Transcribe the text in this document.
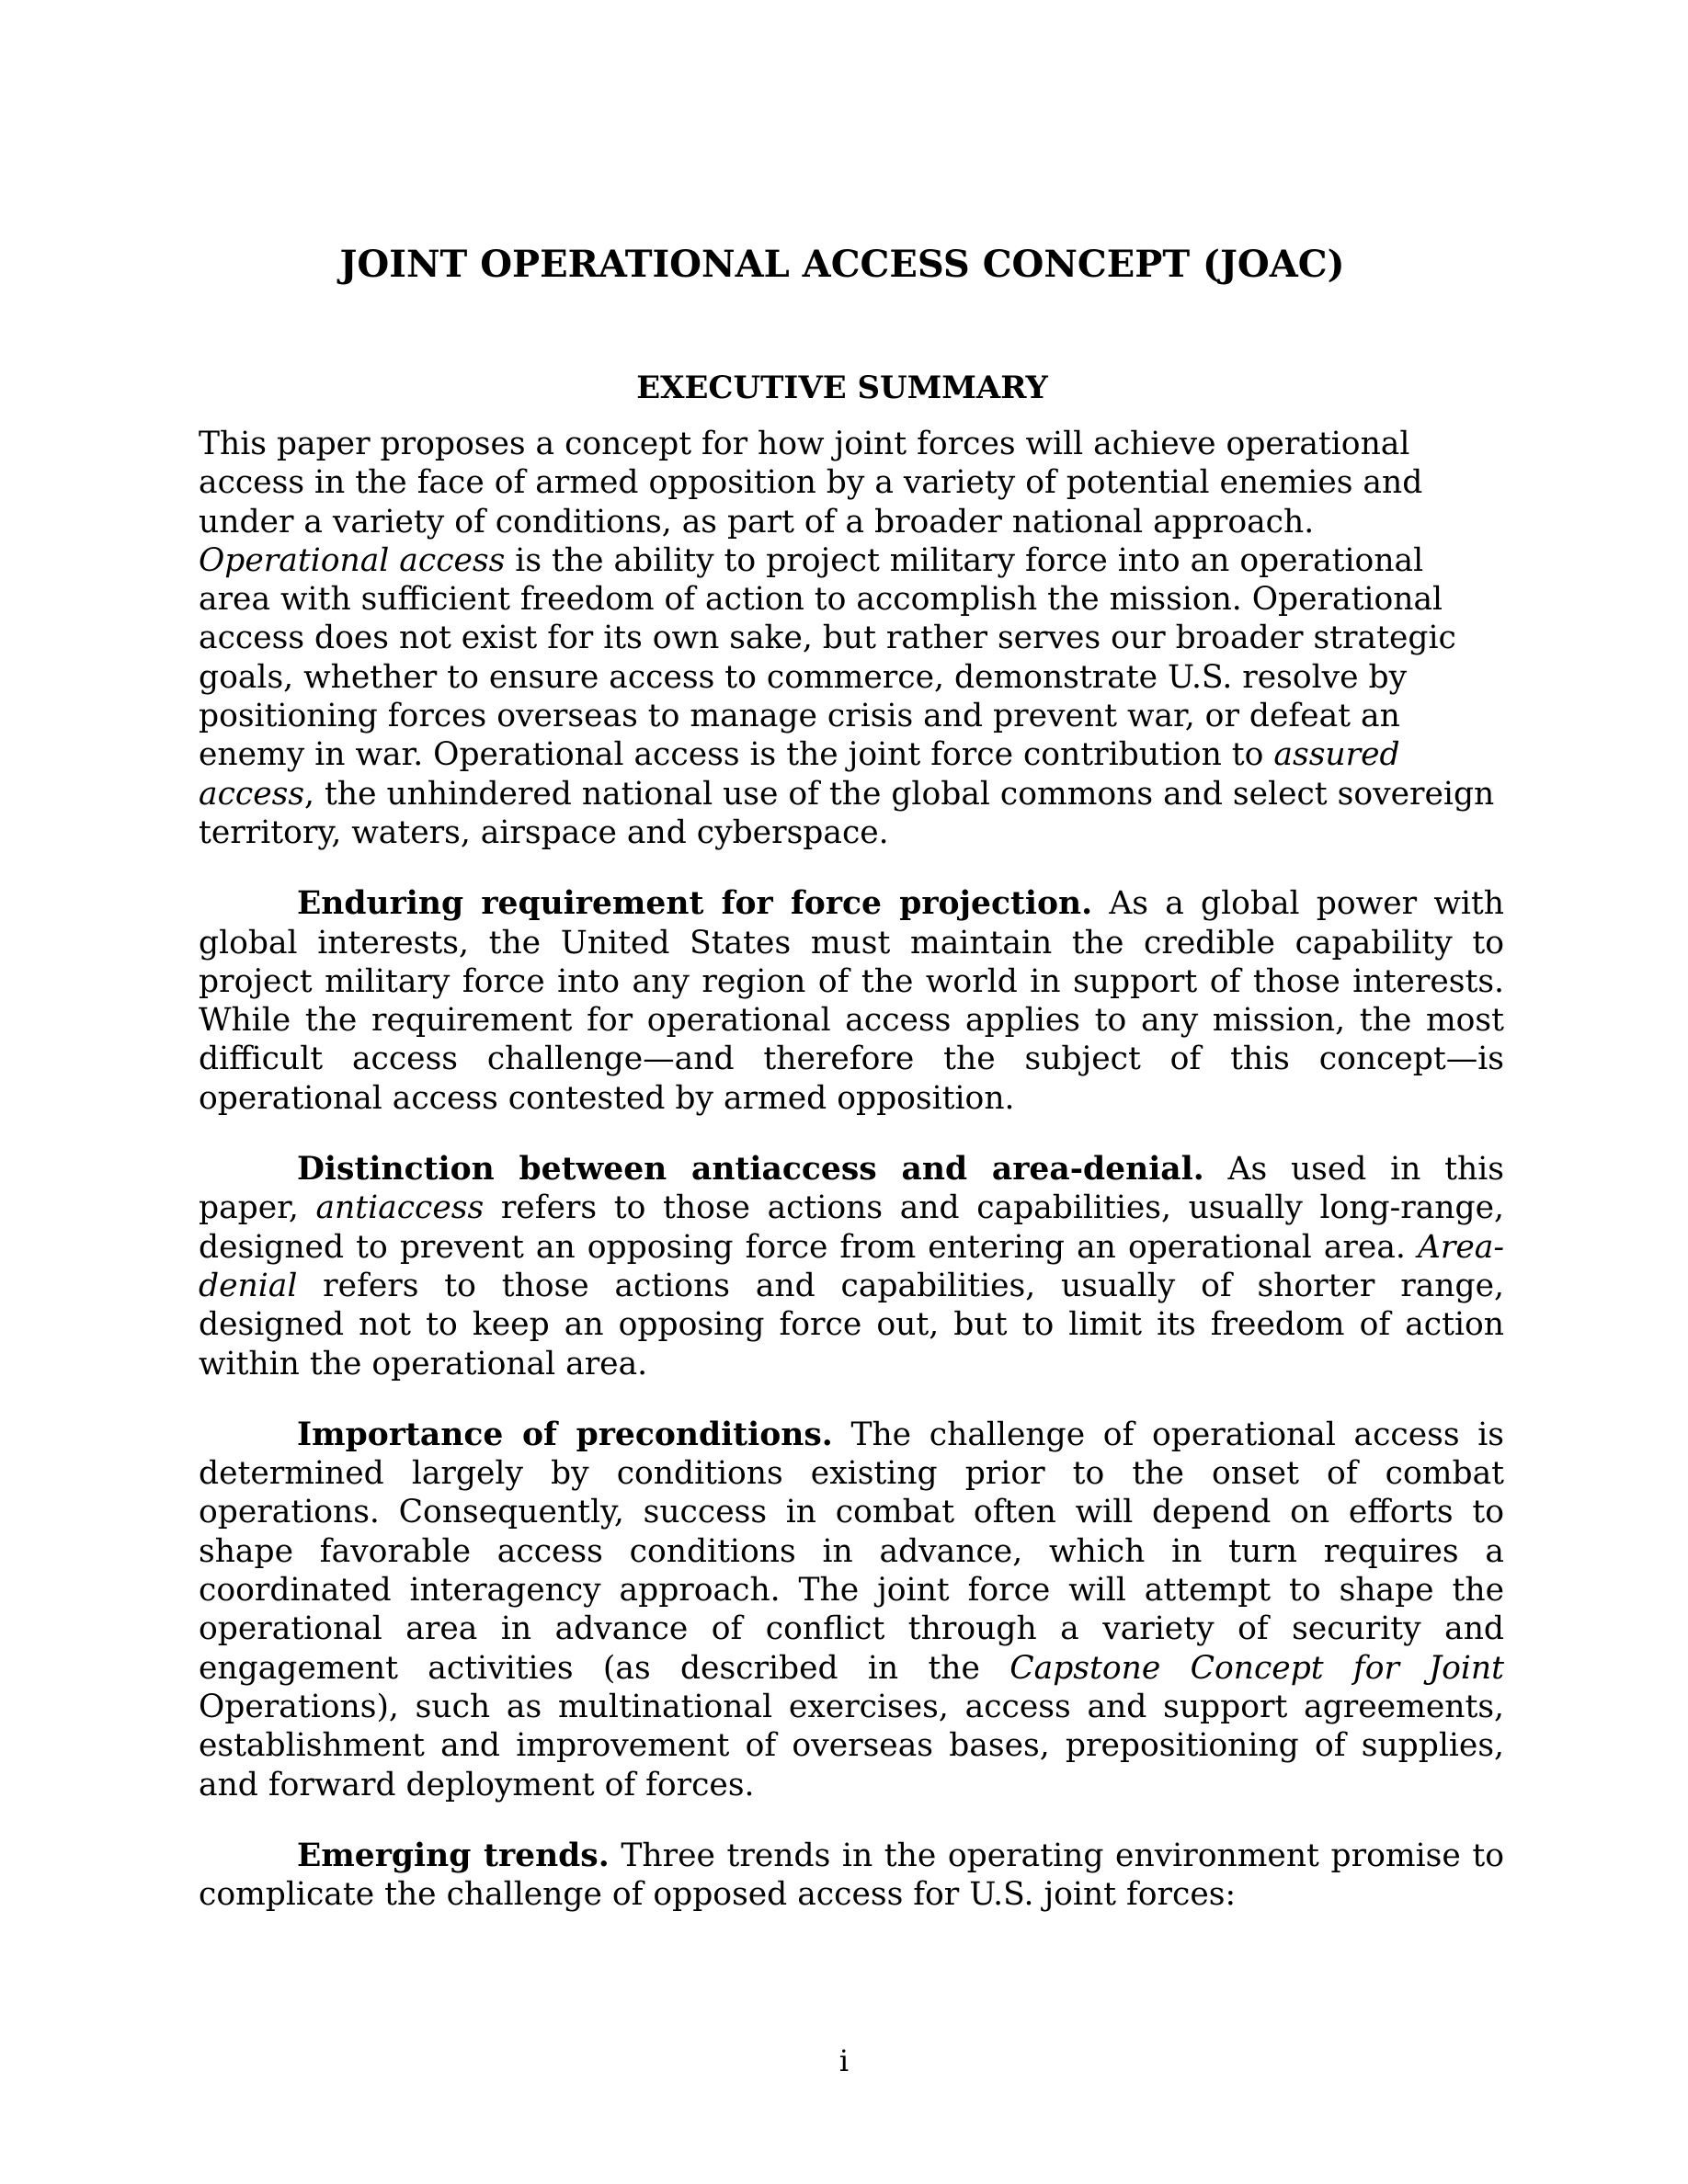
JOINT OPERATIONAL ACCESS CONCEPT (JOAC)
EXECUTIVE SUMMARY

This paper proposes a concept for how joint forces will achieve operational access in the face of armed opposition by a variety of potential enemies and under a variety of conditions, as part of a broader national approach. Operational access is the ability to project military force into an operational area with sufficient freedom of action to accomplish the mission. Operational access does not exist for its own sake, but rather serves our broader strategic goals, whether to ensure access to commerce, demonstrate U.S. resolve by positioning forces overseas to manage crisis and prevent war, or defeat an enemy in war. Operational access is the joint force contribution to assured access, the unhindered national use of the global commons and select sovereign territory, waters, airspace and cyberspace.

Enduring requirement for force projection. As a global power with global interests, the United States must maintain the credible capability to project military force into any region of the world in support of those interests. While the requirement for operational access applies to any mission, the most difficult access challenge—and therefore the subject of this concept—is operational access contested by armed opposition.

Distinction between antiaccess and area-denial. As used in this paper, antiaccess refers to those actions and capabilities, usually long-range, designed to prevent an opposing force from entering an operational area. Area-denial refers to those actions and capabilities, usually of shorter range, designed not to keep an opposing force out, but to limit its freedom of action within the operational area.

Importance of preconditions. The challenge of operational access is determined largely by conditions existing prior to the onset of combat operations. Consequently, success in combat often will depend on efforts to shape favorable access conditions in advance, which in turn requires a coordinated interagency approach. The joint force will attempt to shape the operational area in advance of conflict through a variety of security and engagement activities (as described in the Capstone Concept for Joint Operations), such as multinational exercises, access and support agreements, establishment and improvement of overseas bases, prepositioning of supplies, and forward deployment of forces.

Emerging trends. Three trends in the operating environment promise to complicate the challenge of opposed access for U.S. joint forces:

i
